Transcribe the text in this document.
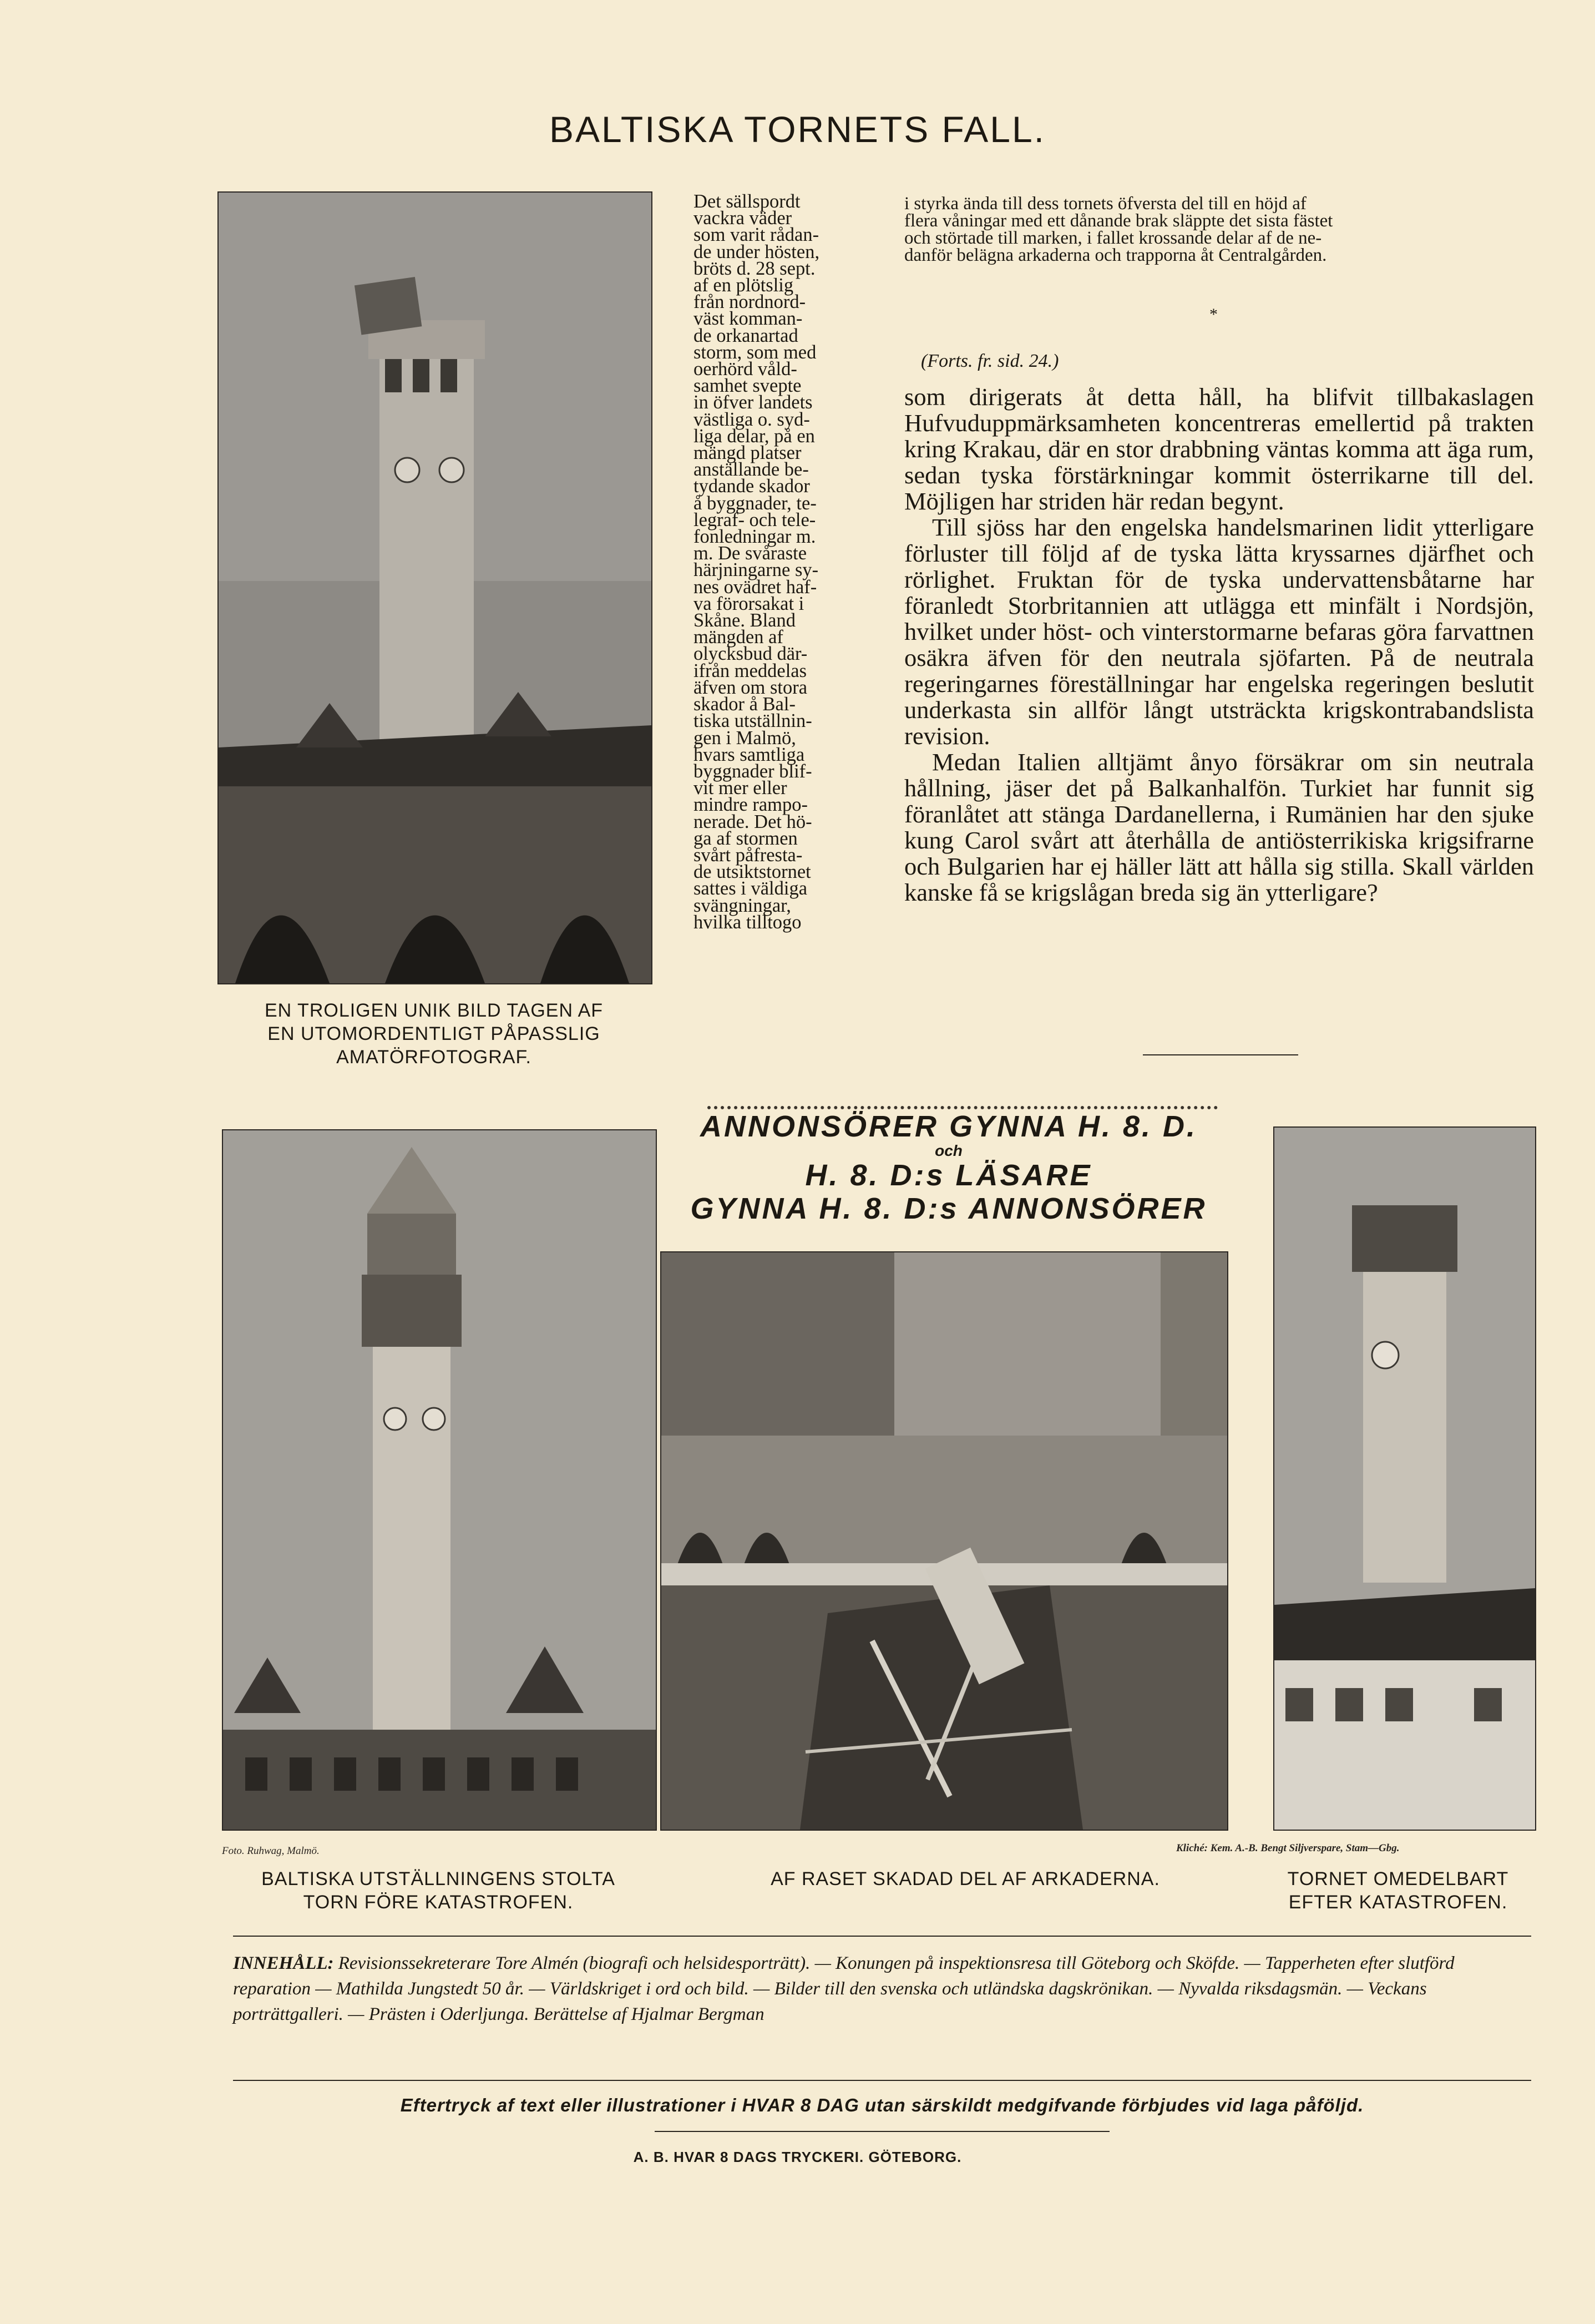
BALTISKA TORNETS FALL.
EN TROLIGEN UNIK BILD TAGEN AF
EN UTOMORDENTLIGT PÅPASSLIG
AMATÖRFOTOGRAF.

Det sällspordt

vackra väder

som varit rådan-

de under hösten,

bröts d. 28 sept.

af en plötslig

från nordnord-

väst komman-

de orkanartad

storm, som med

oerhörd våld-

samhet svepte

in öfver landets

västliga o. syd-

liga delar, på en

mängd platser

anställande be-

tydande skador

å byggnader, te-

legraf- och tele-

fonledningar m.

m. De svåraste

härjningarne sy-

nes ovädret haf-

va förorsakat i

Skåne. Bland

mängden af

olycksbud där-

ifrån meddelas

äfven om stora

skador å Bal-

tiska utställnin-

gen i Malmö,

hvars samtliga

byggnader blif-

vit mer eller

mindre rampo-

nerade. Det hö-

ga af stormen

svårt påfresta-

de utsiktstornet

sattes i väldiga

svängningar,

hvilka tilltogo

i styrka ända till dess tornets öfversta del till en höjd af

flera våningar med ett dånande brak släppte det sista fästet

och störtade till marken, i fallet krossande delar af de ne-

danför belägna arkaderna och trapporna åt Centralgården.

*
(Forts. fr. sid. 24.)

som dirigerats åt detta håll, ha blifvit tillbakaslagen Hufvuduppmärksamheten koncentreras emellertid på trakten kring Krakau, där en stor drabbning väntas komma att äga rum, sedan tyska förstärkningar kommit österrikarne till del. Möjligen har striden här redan begynt.

Till sjöss har den engelska handelsmarinen lidit ytterligare förluster till följd af de tyska lätta kryssarnes djärfhet och rörlighet. Fruktan för de tyska undervattensbåtarne har föranledt Storbritannien att utlägga ett minfält i Nordsjön, hvilket under höst- och vinterstormarne befaras göra farvattnen osäkra äfven för den neutrala sjöfarten. På de neutrala regeringarnes föreställningar har engelska regeringen beslutit underkasta sin allför långt utsträckta krigskontrabandslista revision.

Medan Italien alltjämt ånyo försäkrar om sin neutrala hållning, jäser det på Balkanhalfön. Turkiet har funnit sig föranlåtet att stänga Dardanellerna, i Rumänien har den sjuke kung Carol svårt att återhålla de antiösterrikiska krigsifrarne och Bulgarien har ej häller lätt att hålla sig stilla. Skall världen kanske få se krigslågan breda sig än ytterligare?

ANNONSÖRER GYNNA H. 8. D.
och
H. 8. D:s LÄSARE
GYNNA H. 8. D:s ANNONSÖRER
Foto. Ruhwag, Malmö.	Kliché: Kem. A.-B. Bengt Siljverspare, Stam—Gbg.
BALTISKA UTSTÄLLNINGENS STOLTA
TORN FÖRE KATASTROFEN.
AF RASET SKADAD DEL AF ARKADERNA.	TORNET OMEDELBART
EFTER KATASTROFEN.
INNEHÅLL: Revisionssekreterare Tore Almén (biografi och helsidesporträtt). — Konungen på inspektionsresa till Göteborg och Sköfde. — Tapperheten efter slutförd reparation — Mathilda Jungstedt 50 år. — Världskriget i ord och bild. — Bilder till den svenska och utländska dagskrönikan. — Nyvalda riksdagsmän. — Veckans porträttgalleri. — Prästen i Oderljunga. Berättelse af Hjalmar Bergman
Eftertryck af text eller illustrationer i HVAR 8 DAG utan särskildt medgifvande förbjudes vid laga påföljd.
A. B. HVAR 8 DAGS TRYCKERI. GÖTEBORG.
